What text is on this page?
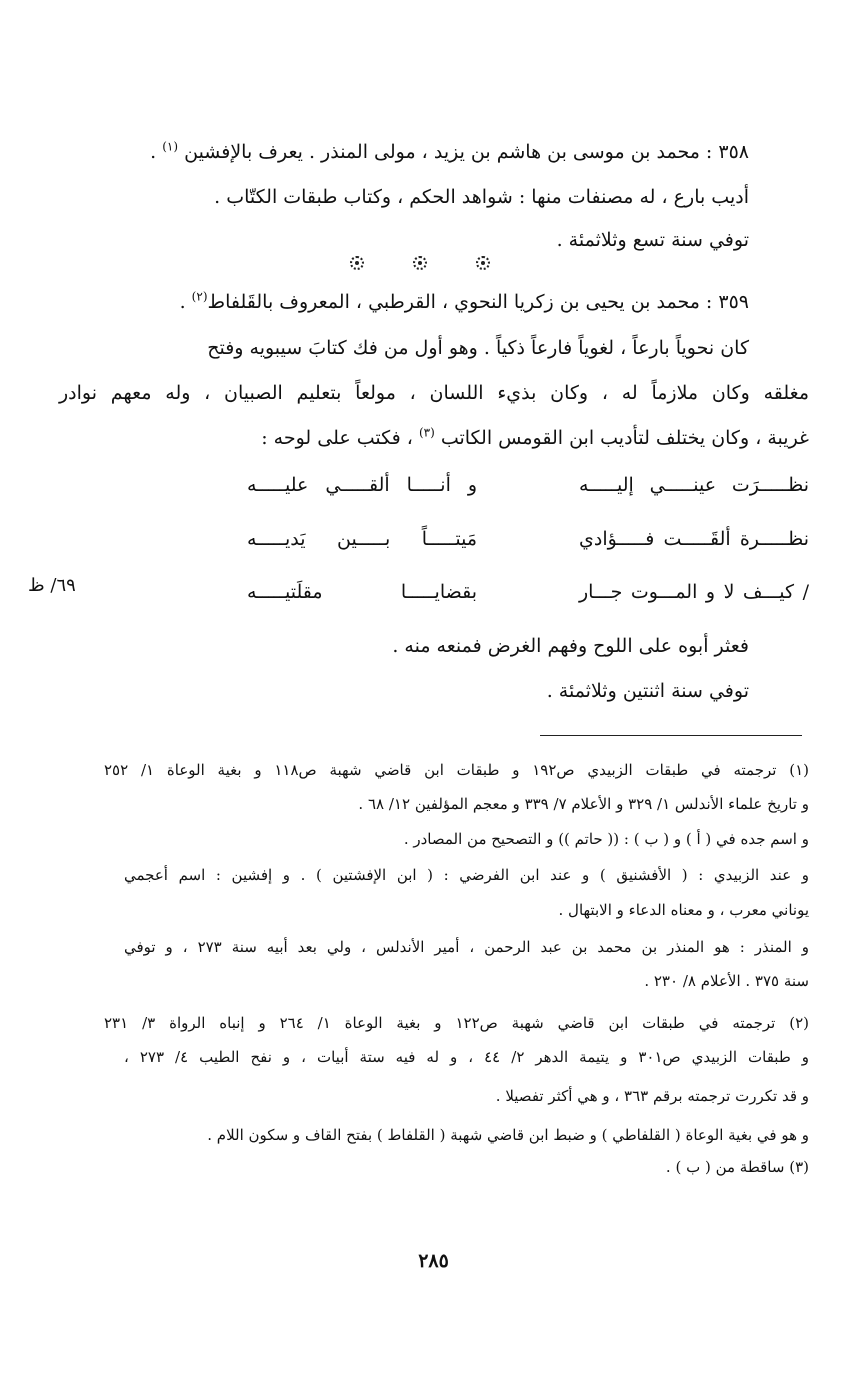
٣٥٨ : محمد بن موسى بن هاشم بن يزيد ، مولى المنذر . يعرف بالإفشين $^{(١)}$ .
أديب بارع ، له مصنفات منها : شواهد الحكم ، وكتاب طبقات الكتّاب .
توفي سنة تسع وثلاثمئة .
٣٥٩ : محمد بن يحيى بن زكريا النحوي ، القرطبي ، المعروف بالقَلفاط$^{(٢)}$ .
كان نحوياً بارعاً ، لغوياً فارعاً ذكياً . وهو أول من فك كتابَ سيبويه وفتح
مغلقه وكان ملازماً له ، وكان بذيء اللسان ، مولعاً بتعليم الصبيان ، وله معهم نوادر
غريبة ، وكان يختلف لتأديب ابن القومس الكاتب $^{(٣)}$ ، فكتب على لوحه :
نظـــــرَت عينـــــي إليـــــه
و أنـــــا ألقـــــي عليـــــه
نظـــــرة ألقَـــــت فـــــؤادي
مَيتـــــاً بـــــين يَديـــــه
/ كيـــف لا و المـــوت جـــار
بقضايـــــا مقلَتيـــــه
٦٩/ ظ
فعثر أبوه على اللوح وفهم الغرض فمنعه منه .
توفي سنة اثنتين وثلاثمئة .
(١) ترجمته في طبقات الزبيدي ص١٩٢ و طبقات ابن قاضي شهبة ص١١٨ و بغية الوعاة ١/ ٢٥٢
و تاريخ علماء الأندلس ١/ ٣٢٩ و الأعلام ٧/ ٣٣٩ و معجم المؤلفين ١٢/ ٦٨ .
و اسم جده في ( أ ) و ( ب ) : (( حاتم )) و التصحيح من المصادر .
و عند الزبيدي : ( الأفشنيق ) و عند ابن الفرضي : ( ابن الإفشتين ) . و إفشين : اسم أعجمي
يوناني معرب ، و معناه الدعاء و الابتهال .
و المنذر : هو المنذر بن محمد بن عبد الرحمن ، أمير الأندلس ، ولي بعد أبيه سنة ٢٧٣ ، و توفي
سنة ٣٧٥ . الأعلام ٨/ ٢٣٠ .
(٢) ترجمته في طبقات ابن قاضي شهبة ص١٢٢ و بغية الوعاة ١/ ٢٦٤ و إنباه الرواة ٣/ ٢٣١
و طبقات الزبيدي ص٣٠١ و يتيمة الدهر ٢/ ٤٤ ، و له فيه ستة أبيات ، و نفح الطيب ٤/ ٢٧٣ ،
و قد تكررت ترجمته برقم ٣٦٣ ، و هي أكثر تفصيلا .
و هو في بغية الوعاة ( القلفاطي ) و ضبط ابن قاضي شهبة ( القلفاط ) بفتح القاف و سكون اللام .
(٣) ساقطة من ( ب ) .
٢٨٥
